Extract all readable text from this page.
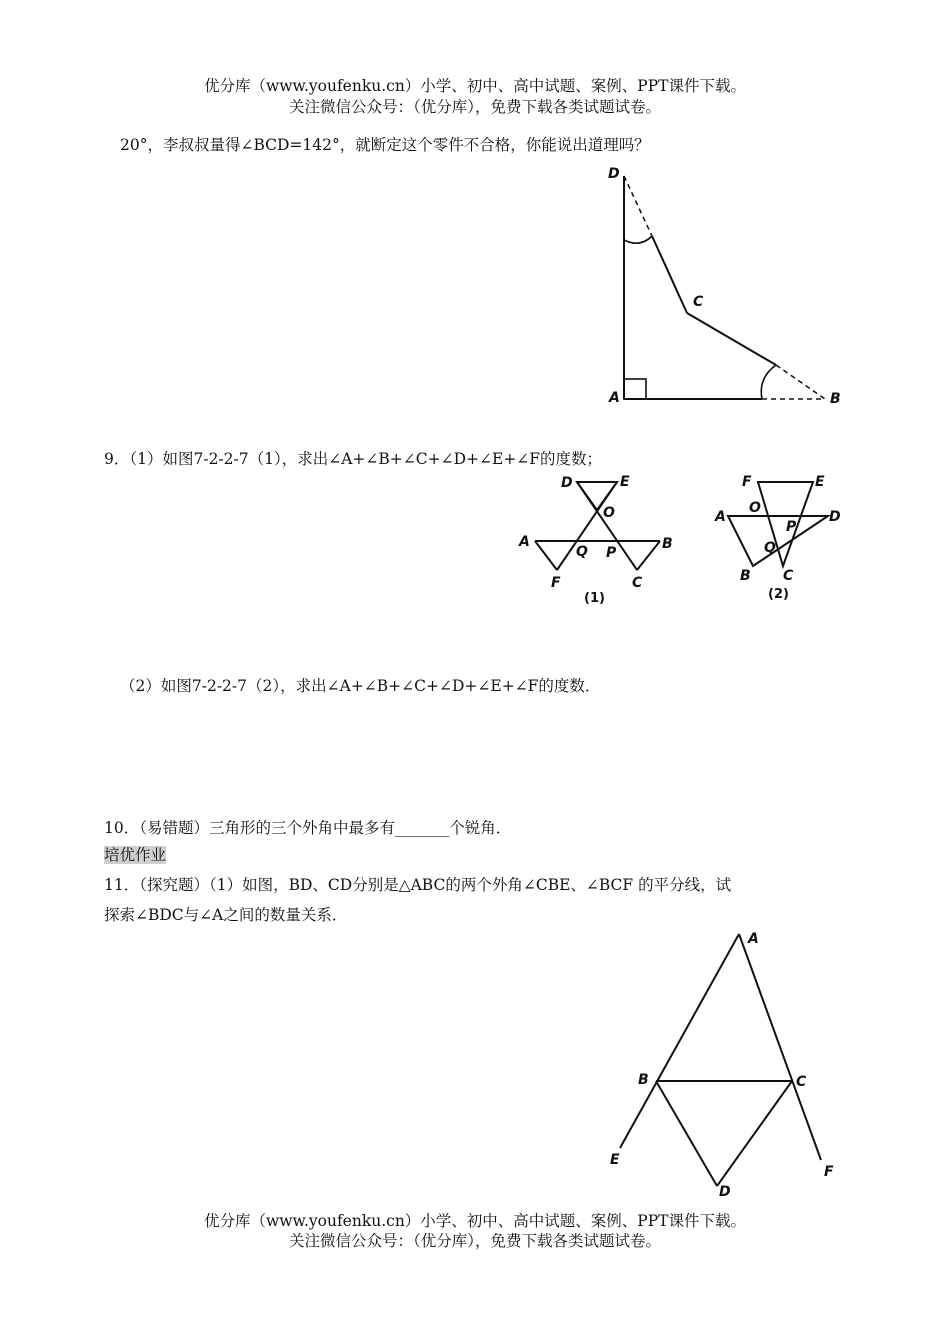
优分库（www.youfenku.cn）小学、初中、高中试题、案例、PPT课件下载。
关注微信公众号：（优分库），免费下载各类试题试卷。
20°，李叔叔量得∠BCD=142°，就断定这个零件不合格，你能说出道理吗？
9．（1）如图7-2-2-7（1），求出∠A+∠B+∠C+∠D+∠E+∠F的度数；
（2）如图7-2-2-7（2），求出∠A+∠B+∠C+∠D+∠E+∠F的度数．
10．（易错题）三角形的三个外角中最多有_______个锐角．
培优作业
11．（探究题）（1）如图，BD、CD分别是△ABC的两个外角∠CBE、∠BCF 的平分线，试
探索∠BDC与∠A之间的数量关系．
优分库（www.youfenku.cn）小学、初中、高中试题、案例、PPT课件下载。
关注微信公众号：（优分库），免费下载各类试题试卷。
D
C
A	B
D	E
O
A
Q P
B
F	C
(1)
F	E
A
O
P
D
Q
B C
(2)
A
B	C
E
F
D
